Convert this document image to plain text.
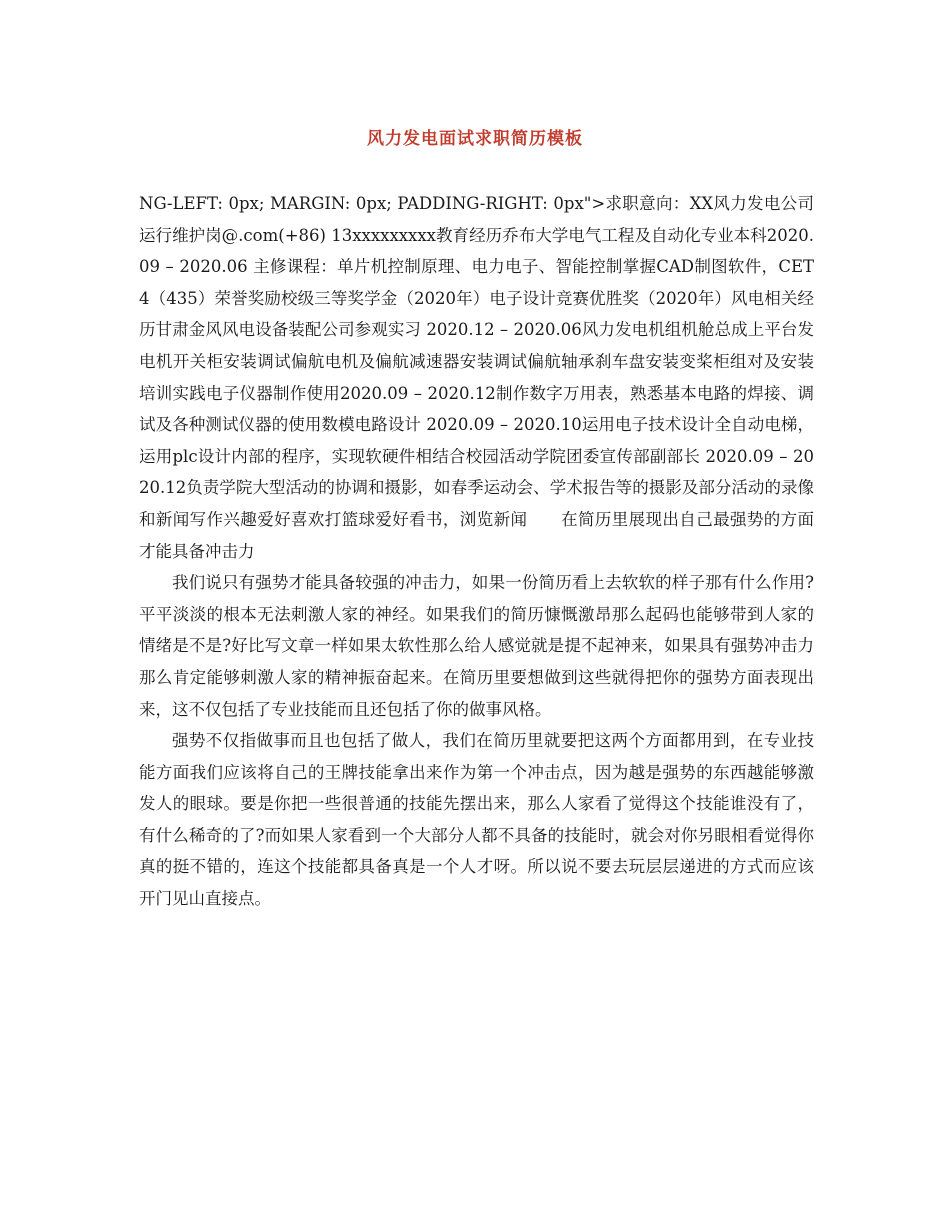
风力发电面试求职简历模板

NG-LEFT: 0px; MARGIN: 0px; PADDING-RIGHT: 0px">求职意向：XX风力发电公司运行维护岗@.com(+86) 13xxxxxxxxx教育经历乔布大学电气工程及自动化专业本科2020.09 – 2020.06 主修课程：单片机控制原理、电力电子、智能控制掌握CAD制图软件，CET 4（435）荣誉奖励校级三等奖学金（2020年）电子设计竞赛优胜奖（2020年）风电相关经历甘肃金风风电设备装配公司参观实习 2020.12 – 2020.06风力发电机组机舱总成上平台发电机开关柜安装调试偏航电机及偏航减速器安装调试偏航轴承刹车盘安装变桨柜组对及安装培训实践电子仪器制作使用2020.09 – 2020.12制作数字万用表，熟悉基本电路的焊接、调试及各种测试仪器的使用数模电路设计 2020.09 – 2020.10运用电子技术设计全自动电梯，运用plc设计内部的程序，实现软硬件相结合校园活动学院团委宣传部副部长 2020.09 – 2020.12负责学院大型活动的协调和摄影，如春季运动会、学术报告等的摄影及部分活动的录像和新闻写作兴趣爱好喜欢打篮球爱好看书，浏览新闻　　在简历里展现出自己最强势的方面才能具备冲击力

我们说只有强势才能具备较强的冲击力，如果一份简历看上去软软的样子那有什么作用?平平淡淡的根本无法刺激人家的神经。如果我们的简历慷慨激昂那么起码也能够带到人家的情绪是不是?好比写文章一样如果太软性那么给人感觉就是提不起神来，如果具有强势冲击力那么肯定能够刺激人家的精神振奋起来。在简历里要想做到这些就得把你的强势方面表现出来，这不仅包括了专业技能而且还包括了你的做事风格。

强势不仅指做事而且也包括了做人，我们在简历里就要把这两个方面都用到，在专业技能方面我们应该将自己的王牌技能拿出来作为第一个冲击点，因为越是强势的东西越能够激发人的眼球。要是你把一些很普通的技能先摆出来，那么人家看了觉得这个技能谁没有了，有什么稀奇的了?而如果人家看到一个大部分人都不具备的技能时，就会对你另眼相看觉得你真的挺不错的，连这个技能都具备真是一个人才呀。所以说不要去玩层层递进的方式而应该开门见山直接点。
